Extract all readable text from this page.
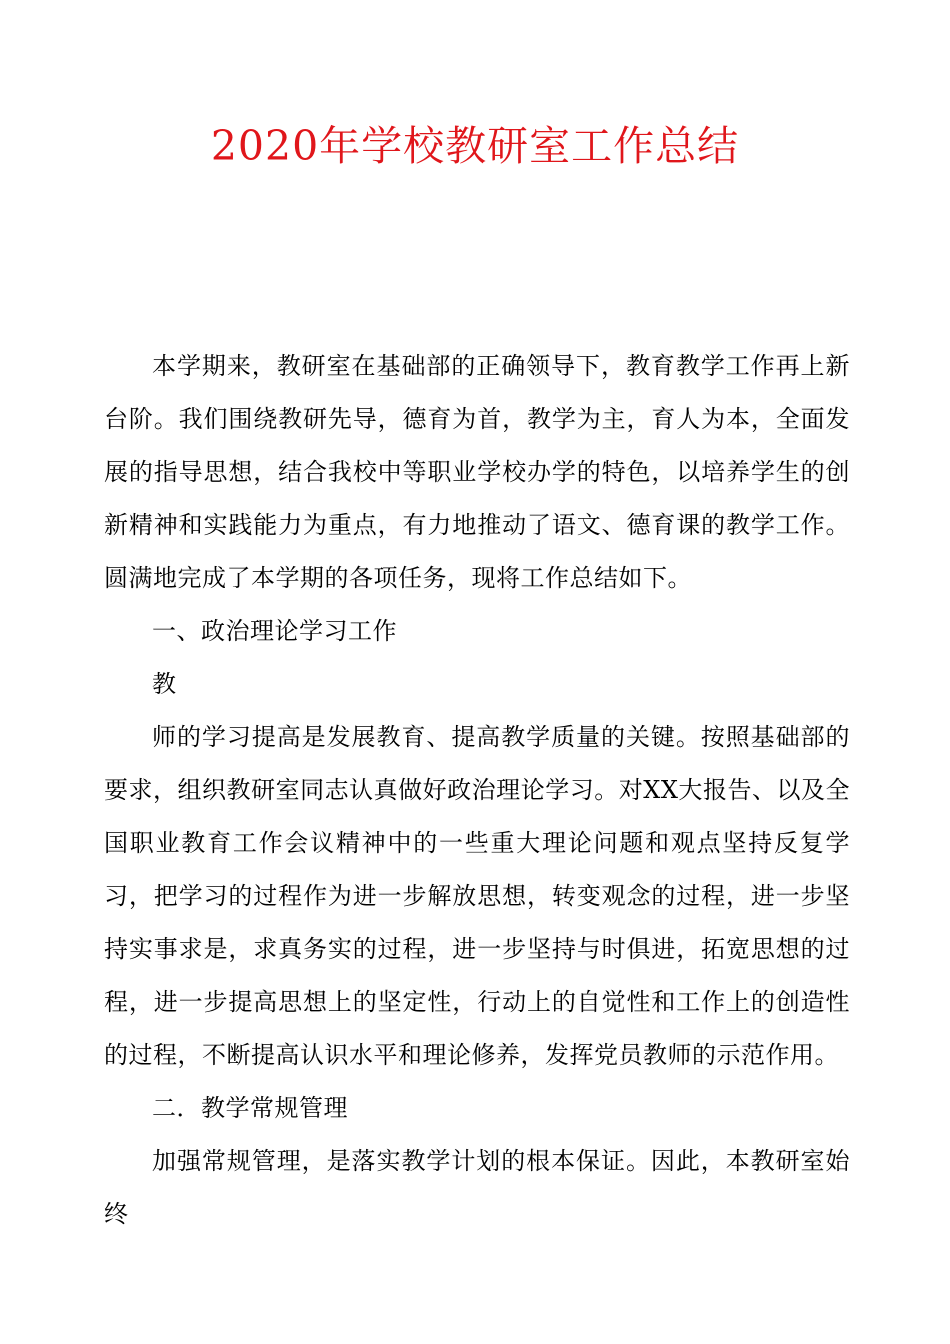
2020年学校教研室工作总结

本学期来，教研室在基础部的正确领导下，教育教学工作再上新台阶。我们围绕教研先导，德育为首，教学为主，育人为本，全面发展的指导思想，结合我校中等职业学校办学的特色，以培养学生的创新精神和实践能力为重点，有力地推动了语文、德育课的教学工作。圆满地完成了本学期的各项任务，现将工作总结如下。

一、政治理论学习工作

教

师的学习提高是发展教育、提高教学质量的关键。按照基础部的要求，组织教研室同志认真做好政治理论学习。对XX大报告、以及全国职业教育工作会议精神中的一些重大理论问题和观点坚持反复学习，把学习的过程作为进一步解放思想，转变观念的过程，进一步坚持实事求是，求真务实的过程，进一步坚持与时俱进，拓宽思想的过程，进一步提高思想上的坚定性，行动上的自觉性和工作上的创造性的过程，不断提高认识水平和理论修养，发挥党员教师的示范作用。

二．教学常规管理

加强常规管理，是落实教学计划的根本保证。因此，本教研室始终
